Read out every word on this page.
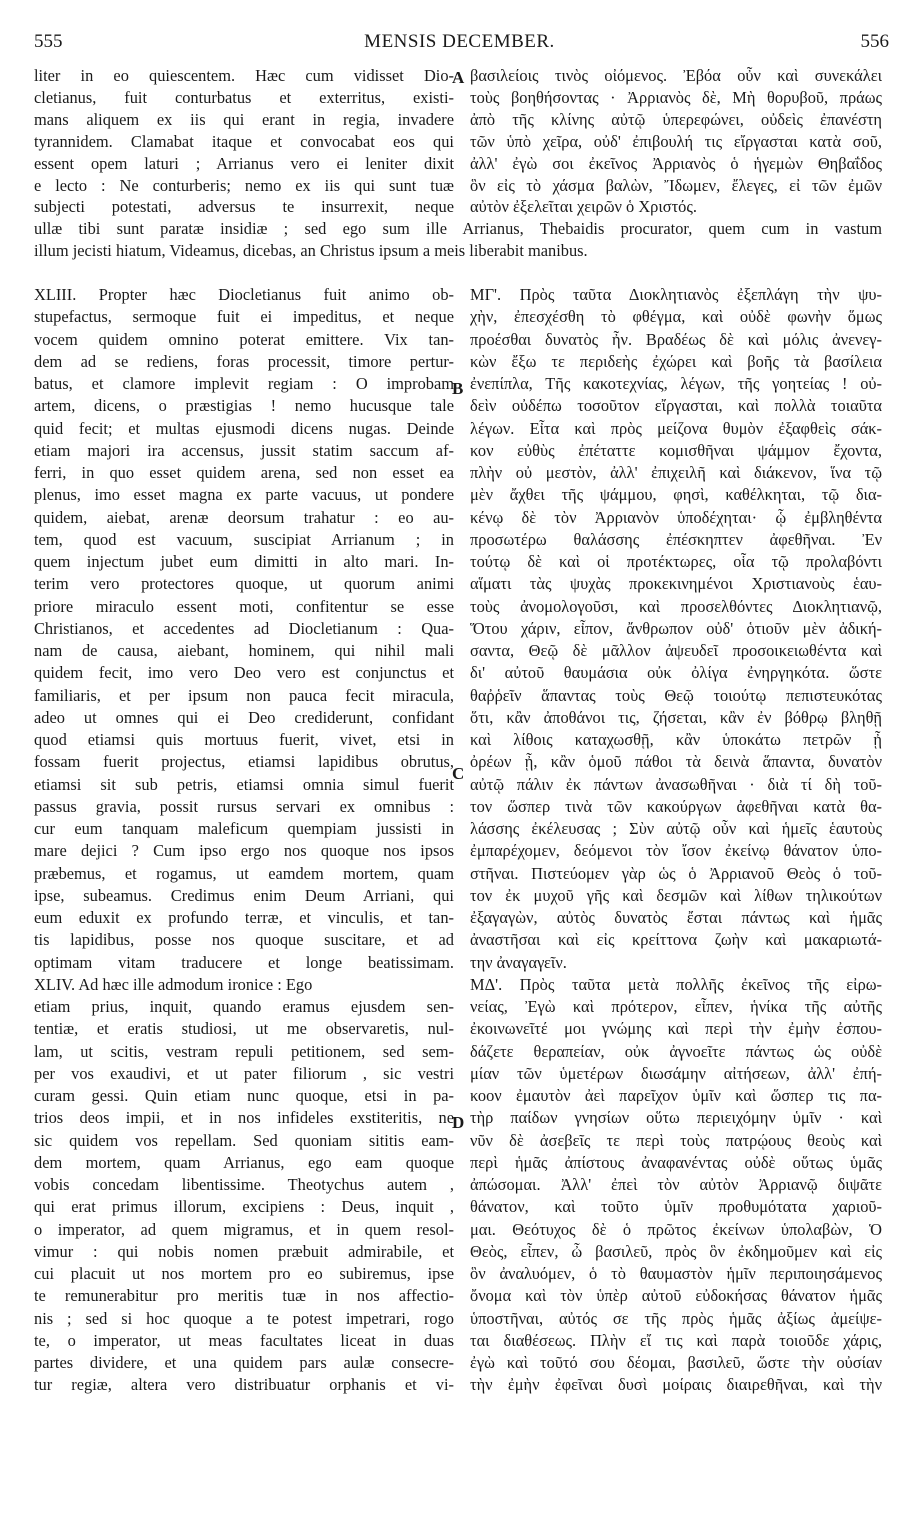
MENSIS DECEMBER.
555	556
liter in eo quiescentem. Hæc cum vidisset Dio-
cletianus, fuit conturbatus et exterritus, existi-
mans aliquem ex iis qui erant in regia, invadere
tyrannidem. Clamabat itaque et convocabat eos qui
essent opem laturi ; Arrianus vero ei leniter dixit
e lecto : Ne conturberis; nemo ex iis qui sunt tuæ
subjecti potestati, adversus te insurrexit, neque
βασιλείοις τινὸς οἰόμενος. Ἐβόα οὖν καὶ συνεκάλει
τοὺς βοηθήσοντας · Ἀρριανὸς δὲ, Μὴ θορυβοῦ, πράως
ἀπὸ τῆς κλίνης αὐτῷ ὑπερεφώνει, οὐδεὶς ἐπανέστη
τῶν ὑπὸ χεῖρα, οὐδ' ἐπιβουλή τις εἴργασται κατὰ σοῦ,
ἀλλ' ἐγὼ σοι ἐκεῖνος Ἀρριανὸς ὁ ἡγεμὼν Θηβαΐδος
ὃν εἰς τὸ χάσμα βαλὼν, Ἴδωμεν, ἔλεγες, εἰ τῶν ἐμῶν
αὐτὸν ἐξελεῖται χειρῶν ὁ Χριστός.
ullæ tibi sunt paratæ insidiæ ; sed ego sum ille Arrianus, Thebaidis procurator, quem cum in vastum
illum jecisti hiatum, Videamus, dicebas, an Christus ipsum a meis liberabit manibus.
XLIII. Propter hæc Diocletianus fuit animo ob-
stupefactus, sermoque fuit ei impeditus, et neque
vocem quidem omnino poterat emittere. Vix tan-
dem ad se rediens, foras processit, timore pertur-
batus, et clamore implevit regiam : O improbam
artem, dicens, o præstigias ! nemo hucusque tale
quid fecit; et multas ejusmodi dicens nugas. Deinde
etiam majori ira accensus, jussit statim saccum af-
ferri, in quo esset quidem arena, sed non esset ea
plenus, imo esset magna ex parte vacuus, ut pondere
quidem, aiebat, arenæ deorsum trahatur : eo au-
tem, quod est vacuum, suscipiat Arrianum ; in
quem injectum jubet eum dimitti in alto mari. In-
terim vero protectores quoque, ut quorum animi
priore miraculo essent moti, confitentur se esse
Christianos, et accedentes ad Diocletianum : Qua-
nam de causa, aiebant, hominem, qui nihil mali
quidem fecit, imo vero Deo vero est conjunctus et
familiaris, et per ipsum non pauca fecit miracula,
adeo ut omnes qui ei Deo crediderunt, confidant
quod etiamsi quis mortuus fuerit, vivet, etsi in
fossam fuerit projectus, etiamsi lapidibus obrutus,
etiamsi sit sub petris, etiamsi omnia simul fuerit
passus gravia, possit rursus servari ex omnibus :
cur eum tanquam maleficum quempiam jussisti in
mare dejici ? Cum ipso ergo nos quoque nos ipsos
præbemus, et rogamus, ut eamdem mortem, quam
ipse, subeamus. Credimus enim Deum Arriani, qui
eum eduxit ex profundo terræ, et vinculis, et tan-
tis lapidibus, posse nos quoque suscitare, et ad
optimam vitam traducere et longe beatissimam.
XLIV. Ad hæc ille admodum ironice : Ego
etiam prius, inquit, quando eramus ejusdem sen-
tentiæ, et eratis studiosi, ut me observaretis, nul-
lam, ut scitis, vestram repuli petitionem, sed sem-
per vos exaudivi, et ut pater filiorum , sic vestri
curam gessi. Quin etiam nunc quoque, etsi in pa-
trios deos impii, et in nos infideles exstiteritis, ne
sic quidem vos repellam. Sed quoniam sititis eam-
dem mortem, quam Arrianus, ego eam quoque
vobis concedam libentissime. Theotychus autem ,
qui erat primus illorum, excipiens : Deus, inquit ,
o imperator, ad quem migramus, et in quem resol-
vimur : qui nobis nomen præbuit admirabile, et
cui placuit ut nos mortem pro eo subiremus, ipse
te remunerabitur pro meritis tuæ in nos affectio-
nis ; sed si hoc quoque a te potest impetrari, rogo
te, o imperator, ut meas facultates liceat in duas
partes dividere, et una quidem pars aulæ consecre-
tur regiæ, altera vero distribuatur orphanis et vi-
ΜΓ'. Πρὸς ταῦτα Διοκλητιανὸς ἐξεπλάγη τὴν ψυ-
χὴν, ἐπεσχέσθη τὸ φθέγμα, καὶ οὐδὲ φωνὴν ὅμως
προέσθαι δυνατὸς ἦν. Βραδέως δὲ καὶ μόλις ἀνενεγ-
κὼν ἔξω τε περιδεὴς ἐχώρει καὶ βοῆς τὰ βασίλεια
ἐνεπίπλα, Τῆς κακοτεχνίας, λέγων, τῆς γοητείας ! οὐ-
δεὶν οὐδέπω τοσοῦτον εἴργασται, καὶ πολλὰ τοιαῦτα
λέγων. Εἶτα καὶ πρὸς μείζονα θυμὸν ἐξαφθεὶς σάκ-
κον εὐθὺς ἐπέταττε κομισθῆναι ψάμμον ἔχοντα,
πλὴν οὐ μεστὸν, ἀλλ' ἐπιχειλῆ καὶ διάκενον, ἵνα τῷ
μὲν ἄχθει τῆς ψάμμου, φησὶ, καθέλκηται, τῷ δια-
κένῳ δὲ τὸν Ἀρριανὸν ὑποδέχηται· ᾧ ἐμβληθέντα
προσωτέρω θαλάσσης ἐπέσκηπτεν ἀφεθῆναι. Ἐν
τούτῳ δὲ καὶ οἱ προτέκτωρες, οἷα τῷ προλαβόντι
αἵματι τὰς ψυχὰς προκεκινημένοι Χριστιανοὺς ἑαυ-
τοὺς ἀνομολογοῦσι, καὶ προσελθόντες Διοκλητιανῷ,
Ὅτου χάριν, εἶπον, ἄνθρωπον οὐδ' ὁτιοῦν μὲν ἀδική-
σαντα, Θεῷ δὲ μᾶλλον ἀψευδεῖ προσοικειωθέντα καὶ
δι' αὐτοῦ θαυμάσια οὐκ ὀλίγα ἐνηργηκότα. ὥστε
θαῤῥεῖν ἅπαντας τοὺς Θεῷ τοιούτῳ πεπιστευκότας
ὅτι, κἂν ἀποθάνοι τις, ζήσεται, κἂν ἐν βόθρῳ βληθῇ
καὶ λίθοις καταχωσθῇ, κἂν ὑποκάτω πετρῶν ᾖ
ὀρέων ᾖ, κἂν ὁμοῦ πάθοι τὰ δεινὰ ἅπαντα, δυνατὸν
αὐτῷ πάλιν ἐκ πάντων ἀνασωθῆναι · διὰ τί δὴ τοῦ-
τον ὥσπερ τινὰ τῶν κακούργων ἀφεθῆναι κατὰ θα-
λάσσης ἐκέλευσας ; Σὺν αὐτῷ οὖν καὶ ἡμεῖς ἑαυτοὺς
ἐμπαρέχομεν, δεόμενοι τὸν ἴσον ἐκείνῳ θάνατον ὑπο-
στῆναι. Πιστεύομεν γὰρ ὡς ὁ Ἀρριανοῦ Θεὸς ὁ τοῦ-
τον ἐκ μυχοῦ γῆς καὶ δεσμῶν καὶ λίθων τηλικούτων
ἐξαγαγὼν, αὐτὸς δυνατὸς ἔσται πάντως καὶ ἡμᾶς
ἀναστῆσαι καὶ εἰς κρείττονα ζωὴν καὶ μακαριωτά-
την ἀναγαγεῖν.
ΜΔ'. Πρὸς ταῦτα μετὰ πολλῆς ἐκεῖνος τῆς εἰρω-
νείας, Ἐγὼ καὶ πρότερον, εἶπεν, ἡνίκα τῆς αὐτῆς
ἐκοινωνεῖτέ μοι γνώμης καὶ περὶ τὴν ἐμὴν ἐσπου-
δάζετε θεραπείαν, οὐκ ἀγνοεῖτε πάντως ὡς οὐδὲ
μίαν τῶν ὑμετέρων διωσάμην αἰτήσεων, ἀλλ' ἐπή-
κοον ἐμαυτὸν ἀεὶ παρεῖχον ὑμῖν καὶ ὥσπερ τις πα-
τὴρ παίδων γνησίων οὕτω περιειχόμην ὑμῖν · καὶ
νῦν δὲ ἀσεβεῖς τε περὶ τοὺς πατρῴους θεοὺς καὶ
περὶ ἡμᾶς ἀπίστους ἀναφανέντας οὐδὲ οὕτως ὑμᾶς
ἀπώσομαι. Ἀλλ' ἐπεὶ τὸν αὐτὸν Ἀρριανῷ διψᾶτε
θάνατον, καὶ τοῦτο ὑμῖν προθυμότατα χαριοῦ-
μαι. Θεότυχος δὲ ὁ πρῶτος ἐκείνων ὑπολαβὼν, Ὁ
Θεὸς, εἶπεν, ὦ βασιλεῦ, πρὸς ὃν ἐκδημοῦμεν καὶ εἰς
ὃν ἀναλυόμεν, ὁ τὸ θαυμαστὸν ἡμῖν περιποιησάμενος
ὄνομα καὶ τὸν ὑπὲρ αὐτοῦ εὐδοκήσας θάνατον ἡμᾶς
ὑποστῆναι, αὐτός σε τῆς πρὸς ἡμᾶς ἀξίως ἀμείψε-
ται διαθέσεως. Πλὴν εἴ τις καὶ παρὰ τοιοῦδε χάρις,
ἐγὼ καὶ τοῦτό σου δέομαι, βασιλεῦ, ὥστε τὴν οὐσίαν
τὴν ἐμὴν ἐφεῖναι δυσὶ μοίραις διαιρεθῆναι, καὶ τὴν
A
B
C
D
